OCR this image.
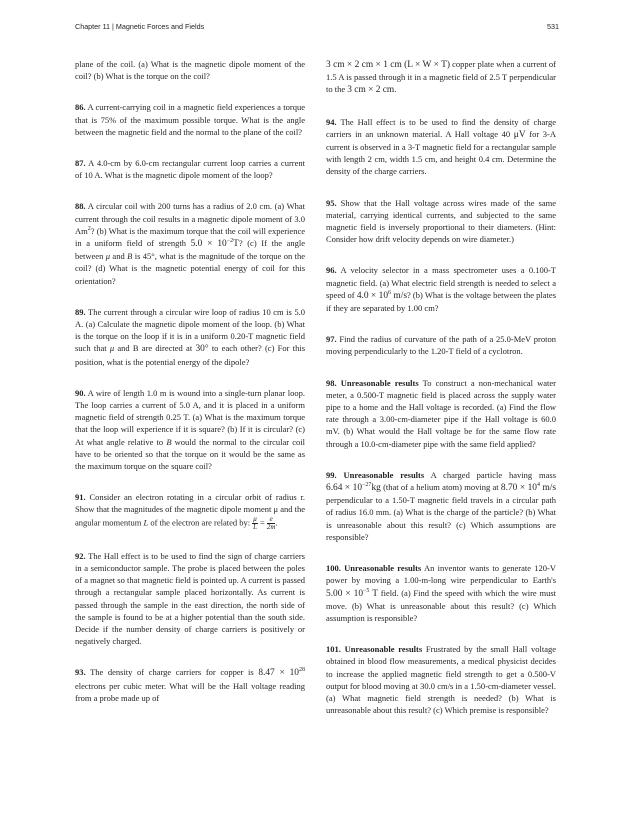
Chapter 11 | Magnetic Forces and Fields	531

plane of the coil. (a) What is the magnetic dipole moment of the coil? (b) What is the torque on the coil?

86. A current-carrying coil in a magnetic field experiences a torque that is 75% of the maximum possible torque. What is the angle between the magnetic field and the normal to the plane of the coil?

87. A 4.0-cm by 6.0-cm rectangular current loop carries a current of 10 A. What is the magnetic dipole moment of the loop?

88. A circular coil with 200 turns has a radius of 2.0 cm. (a) What current through the coil results in a magnetic dipole moment of 3.0 Am$^2$? (b) What is the maximum torque that the coil will experience in a uniform field of strength $5.0 \times 10^{-2}T$? (c) If the angle between μ and B is 45°, what is the magnitude of the torque on the coil? (d) What is the magnetic potential energy of coil for this orientation?

89. The current through a circular wire loop of radius 10 cm is 5.0 A. (a) Calculate the magnetic dipole moment of the loop. (b) What is the torque on the loop if it is in a uniform 0.20-T magnetic field such that μ and B are directed at 30° to each other? (c) For this position, what is the potential energy of the dipole?

90. A wire of length 1.0 m is wound into a single-turn planar loop. The loop carries a current of 5.0 A, and it is placed in a uniform magnetic field of strength 0.25 T. (a) What is the maximum torque that the loop will experience if it is square? (b) If it is circular? (c) At what angle relative to B would the normal to the circular coil have to be oriented so that the torque on it would be the same as the maximum torque on the square coil?

91. Consider an electron rotating in a circular orbit of radius r. Show that the magnitudes of the magnetic dipole moment μ and the angular momentum L of the electron are related by: $\frac{\mu}{L} = \frac{e}{2m}$ .

92. The Hall effect is to be used to find the sign of charge carriers in a semiconductor sample. The probe is placed between the poles of a magnet so that magnetic field is pointed up. A current is passed through a rectangular sample placed horizontally. As current is passed through the sample in the east direction, the north side of the sample is found to be at a higher potential than the south side. Decide if the number density of charge carriers is positively or negatively charged.

93. The density of charge carriers for copper is $8.47 \times 10^{28}$ electrons per cubic meter. What will be the Hall voltage reading from a probe made up of

3 cm × 2 cm × 1 cm (L × W × T) copper plate when a current of 1.5 A is passed through it in a magnetic field of 2.5 T perpendicular to the 3 cm × 2 cm.

94. The Hall effect is to be used to find the density of charge carriers in an unknown material. A Hall voltage 40 μV for 3-A current is observed in a 3-T magnetic field for a rectangular sample with length 2 cm, width 1.5 cm, and height 0.4 cm. Determine the density of the charge carriers.

95. Show that the Hall voltage across wires made of the same material, carrying identical currents, and subjected to the same magnetic field is inversely proportional to their diameters. (Hint: Consider how drift velocity depends on wire diameter.)

96. A velocity selector in a mass spectrometer uses a 0.100-T magnetic field. (a) What electric field strength is needed to select a speed of $4.0 \times 10^6$ m/s? (b) What is the voltage between the plates if they are separated by 1.00 cm?

97. Find the radius of curvature of the path of a 25.0-MeV proton moving perpendicularly to the 1.20-T field of a cyclotron.

98. Unreasonable results To construct a non-mechanical water meter, a 0.500-T magnetic field is placed across the supply water pipe to a home and the Hall voltage is recorded. (a) Find the flow rate through a 3.00-cm-diameter pipe if the Hall voltage is 60.0 mV. (b) What would the Hall voltage be for the same flow rate through a 10.0-cm-diameter pipe with the same field applied?

99. Unreasonable results A charged particle having mass $6.64 \times 10^{-27}kg$ (that of a helium atom) moving at $8.70 \times 10^4$ m/s perpendicular to a 1.50-T magnetic field travels in a circular path of radius 16.0 mm. (a) What is the charge of the particle? (b) What is unreasonable about this result? (c) Which assumptions are responsible?

100. Unreasonable results An inventor wants to generate 120-V power by moving a 1.00-m-long wire perpendicular to Earth's $5.00 \times 10^{-5}$ T field. (a) Find the speed with which the wire must move. (b) What is unreasonable about this result? (c) Which assumption is responsible?

101. Unreasonable results Frustrated by the small Hall voltage obtained in blood flow measurements, a medical physicist decides to increase the applied magnetic field strength to get a 0.500-V output for blood moving at 30.0 cm/s in a 1.50-cm-diameter vessel. (a) What magnetic field strength is needed? (b) What is unreasonable about this result? (c) Which premise is responsible?
